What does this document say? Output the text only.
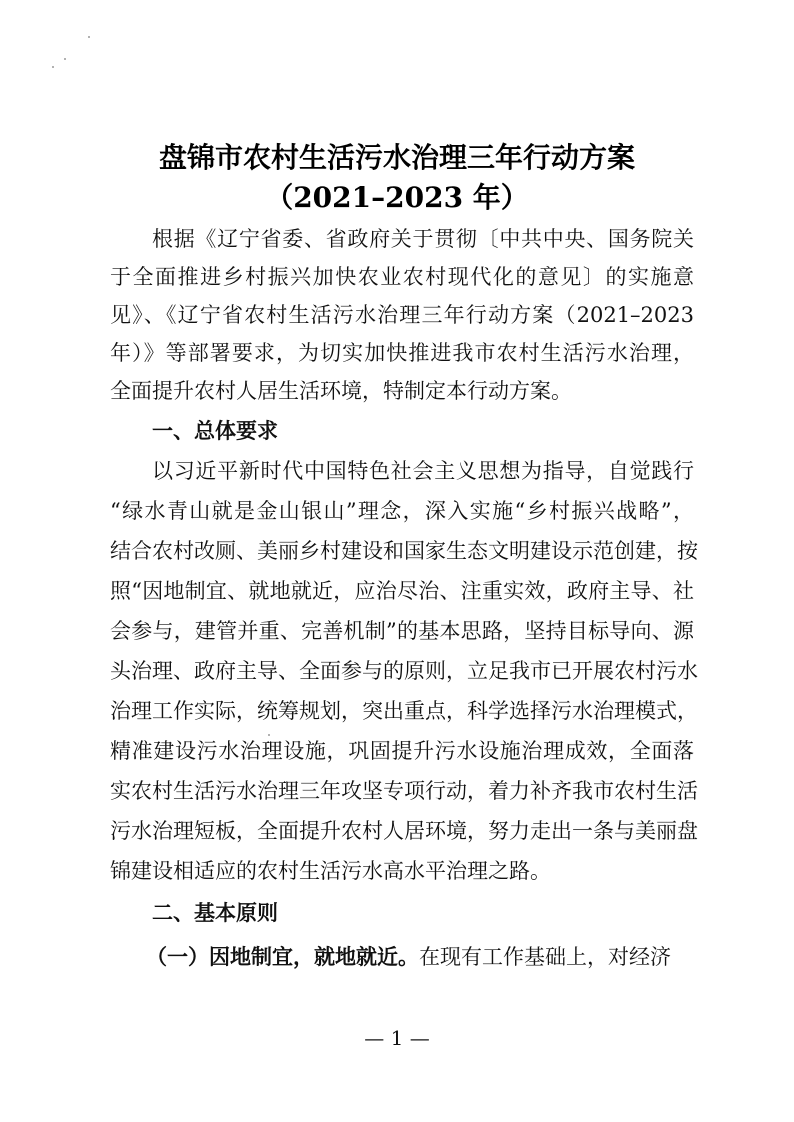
盘锦市农村生活污水治理三年行动方案
（2021–2023 年）
根据《辽宁省委、省政府关于贯彻〔中共中央、国务院关
于全面推进乡村振兴加快农业农村现代化的意见〕的实施意
见》、《辽宁省农村生活污水治理三年行动方案（2021–2023
年）》等部署要求，为切实加快推进我市农村生活污水治理，
全面提升农村人居生活环境，特制定本行动方案。
一、总体要求
以习近平新时代中国特色社会主义思想为指导，自觉践行
“绿水青山就是金山银山”理念，深入实施“乡村振兴战略”，
结合农村改厕、美丽乡村建设和国家生态文明建设示范创建，按
照“因地制宜、就地就近，应治尽治、注重实效，政府主导、社
会参与，建管并重、完善机制”的基本思路，坚持目标导向、源
头治理、政府主导、全面参与的原则，立足我市已开展农村污水
治理工作实际，统筹规划，突出重点，科学选择污水治理模式，
精准建设污水治理设施，巩固提升污水设施治理成效，全面落
实农村生活污水治理三年攻坚专项行动，着力补齐我市农村生活
污水治理短板，全面提升农村人居环境，努力走出一条与美丽盘
锦建设相适应的农村生活污水高水平治理之路。
二、基本原则
（一）因地制宜，就地就近。在现有工作基础上，对经济
— 1 —
